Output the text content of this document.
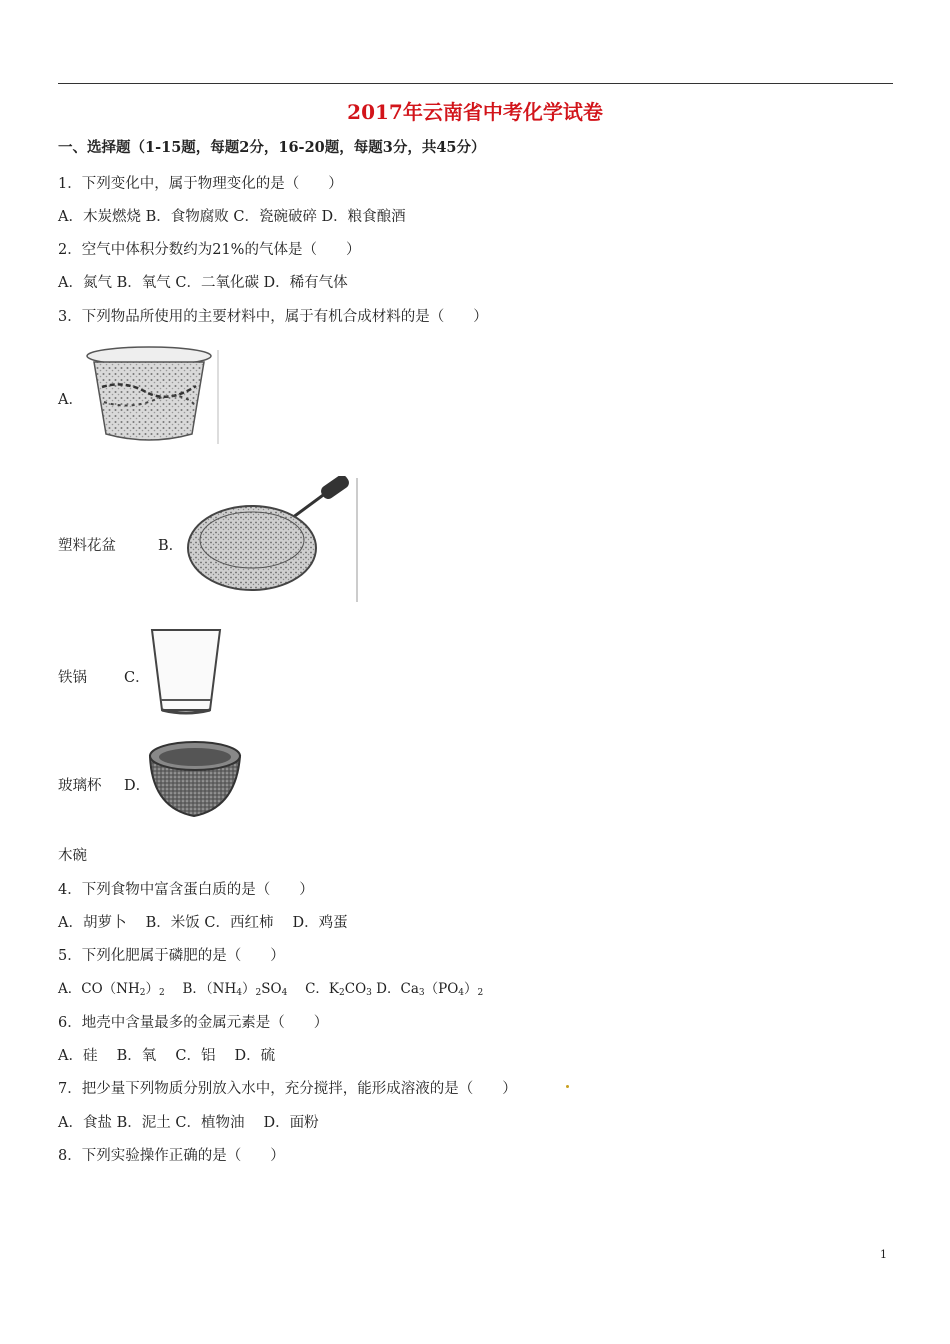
2017年云南省中考化学试卷
一、选择题（1-15题，每题2分，16-20题，每题3分，共45分）
1．下列变化中，属于物理变化的是（　　）
A．木炭燃烧 B．食物腐败 C．瓷碗破碎 D．粮食酿酒
2．空气中体积分数约为21%的气体是（　　）
A．氮气 B．氧气 C．二氧化碳 D．稀有气体
3．下列物品所使用的主要材料中，属于有机合成材料的是（　　）
A．
塑料花盆	B．
铁锅	C．
玻璃杯 D．
木碗
4．下列食物中富含蛋白质的是（　　）
A．胡萝卜　 B．米饭 C．西红柿　 D．鸡蛋
5．下列化肥属于磷肥的是（　　）
A．$CO(NH_2)_2$　 B．$(NH_4)_2SO_4$　 C．$K_2CO_3$ D．$Ca_3(PO_4)_2$
6．地壳中含量最多的金属元素是（　　）
A．硅　 B．氧　 C．铝　 D．硫
7．把少量下列物质分别放入水中，充分搅拌，能形成溶液的是（　　）
A．食盐 B．泥土 C．植物油　 D．面粉
8．下列实验操作正确的是（　　）
1
